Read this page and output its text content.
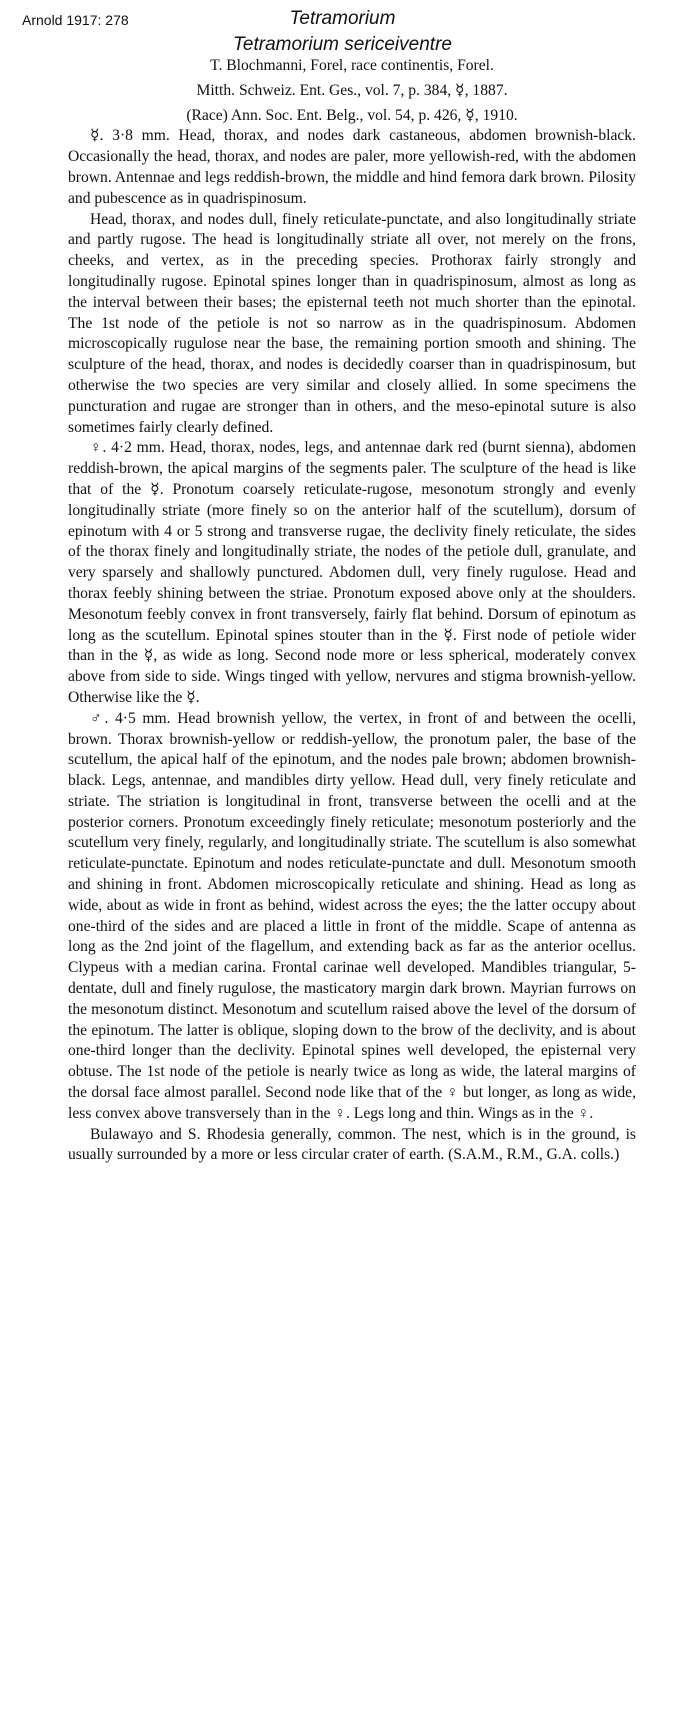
Arnold 1917: 278	Tetramorium
Tetramorium sericeiventre

T. Blochmanni, Forel, race continentis, Forel.

Mitth. Schweiz. Ent. Ges., vol. 7, p. 384, ☿, 1887.

(Race) Ann. Soc. Ent. Belg., vol. 54, p. 426, ☿, 1910.

☿. 3·8 mm. Head, thorax, and nodes dark castaneous, abdomen brownish-black. Occasionally the head, thorax, and nodes are paler, more yellowish-red, with the abdomen brown. Antennae and legs reddish-brown, the middle and hind femora dark brown. Pilosity and pubescence as in quadrispinosum.

Head, thorax, and nodes dull, finely reticulate-punctate, and also longitudinally striate and partly rugose. The head is longitudinally striate all over, not merely on the frons, cheeks, and vertex, as in the preceding species. Prothorax fairly strongly and longitudinally rugose. Epinotal spines longer than in quadrispinosum, almost as long as the interval between their bases; the episternal teeth not much shorter than the epinotal. The 1st node of the petiole is not so narrow as in the quadrispinosum. Abdomen microscopically rugulose near the base, the remaining portion smooth and shining. The sculpture of the head, thorax, and nodes is decidedly coarser than in quadrispinosum, but otherwise the two species are very similar and closely allied. In some specimens the puncturation and rugae are stronger than in others, and the meso-epinotal suture is also sometimes fairly clearly defined.

♀. 4·2 mm. Head, thorax, nodes, legs, and antennae dark red (burnt sienna), abdomen reddish-brown, the apical margins of the segments paler. The sculpture of the head is like that of the ☿. Pronotum coarsely reticulate-rugose, mesonotum strongly and evenly longitudinally striate (more finely so on the anterior half of the scutellum), dorsum of epinotum with 4 or 5 strong and transverse rugae, the declivity finely reticulate, the sides of the thorax finely and longitudinally striate, the nodes of the petiole dull, granulate, and very sparsely and shallowly punctured. Abdomen dull, very finely rugulose. Head and thorax feebly shining between the striae. Pronotum exposed above only at the shoulders. Mesonotum feebly convex in front transversely, fairly flat behind. Dorsum of epinotum as long as the scutellum. Epinotal spines stouter than in the ☿. First node of petiole wider than in the ☿, as wide as long. Second node more or less spherical, moderately convex above from side to side. Wings tinged with yellow, nervures and stigma brownish-yellow. Otherwise like the ☿.

♂. 4·5 mm. Head brownish yellow, the vertex, in front of and between the ocelli, brown. Thorax brownish-yellow or reddish-yellow, the pronotum paler, the base of the scutellum, the apical half of the epinotum, and the nodes pale brown; abdomen brownish-black. Legs, antennae, and mandibles dirty yellow. Head dull, very finely reticulate and striate. The striation is longitudinal in front, transverse between the ocelli and at the posterior corners. Pronotum exceedingly finely reticulate; mesonotum posteriorly and the scutellum very finely, regularly, and longitudinally striate. The scutellum is also somewhat reticulate-punctate. Epinotum and nodes reticulate-punctate and dull. Mesonotum smooth and shining in front. Abdomen microscopically reticulate and shining. Head as long as wide, about as wide in front as behind, widest across the eyes; the the latter occupy about one-third of the sides and are placed a little in front of the middle. Scape of antenna as long as the 2nd joint of the flagellum, and extending back as far as the anterior ocellus. Clypeus with a median carina. Frontal carinae well developed. Mandibles triangular, 5-dentate, dull and finely rugulose, the masticatory margin dark brown. Mayrian furrows on the mesonotum distinct. Mesonotum and scutellum raised above the level of the dorsum of the epinotum. The latter is oblique, sloping down to the brow of the declivity, and is about one-third longer than the declivity. Epinotal spines well developed, the episternal very obtuse. The 1st node of the petiole is nearly twice as long as wide, the lateral margins of the dorsal face almost parallel. Second node like that of the ♀ but longer, as long as wide, less convex above transversely than in the ♀. Legs long and thin. Wings as in the ♀.

Bulawayo and S. Rhodesia generally, common. The nest, which is in the ground, is usually surrounded by a more or less circular crater of earth. (S.A.M., R.M., G.A. colls.)
